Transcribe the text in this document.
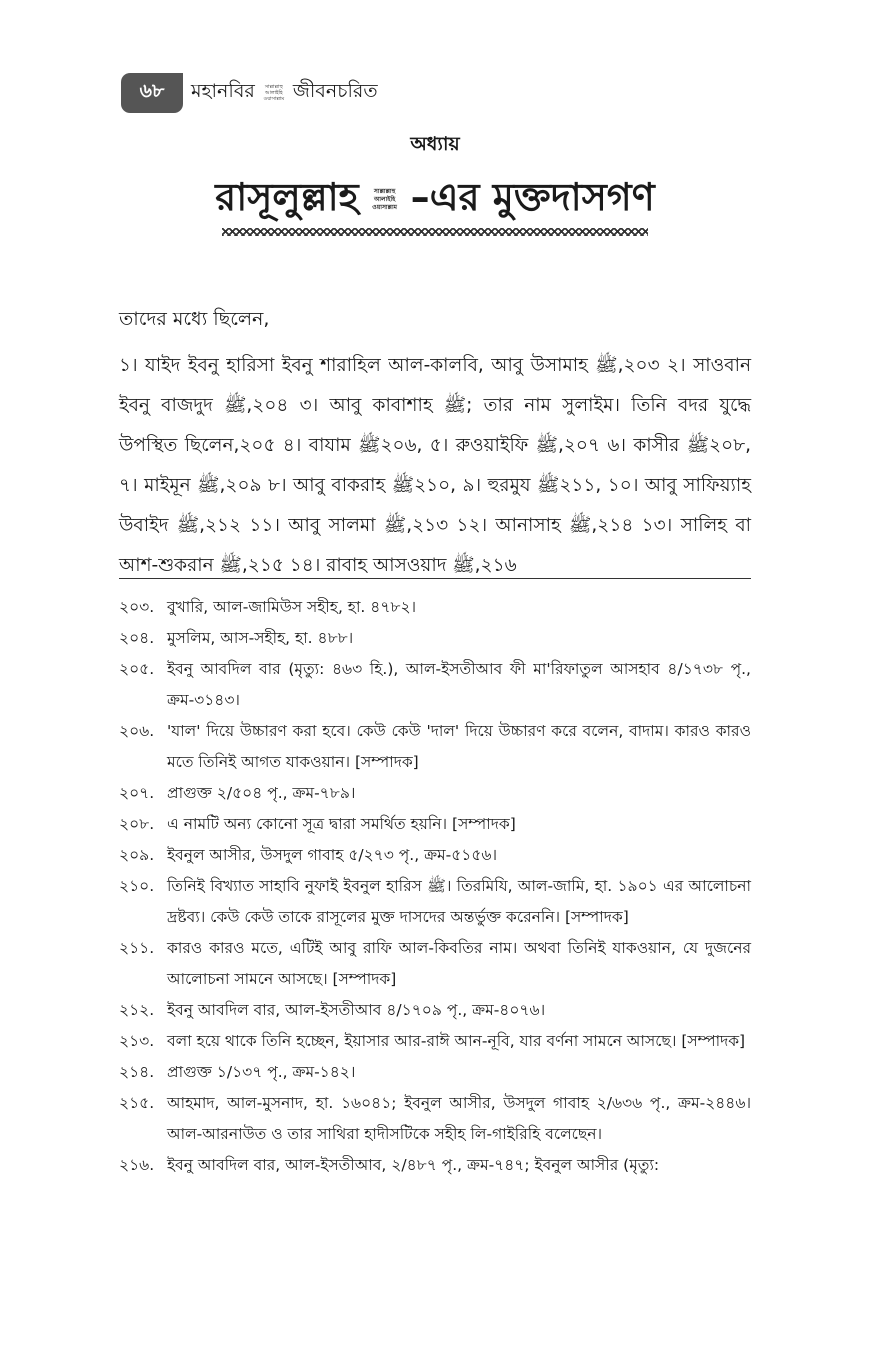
৬৮	মহানবির	সাল্লাল্লাহু আলাইহি ওয়াসাল্লাম জীবনচরিত
অধ্যায়
রাসূলুল্লাহ	সাল্লাল্লাহু আলাইহি ওয়াসাল্লাম –এর মুক্তদাসগণ
তাদের মধ্যে ছিলেন,
১। যাইদ ইবনু হারিসা ইবনু শারাহিল আল-কালবি, আবু উসামাহ ﷺ,২০৩ ২। সাওবান ইবনু বাজদুদ ﷺ,২০৪ ৩। আবু কাবাশাহ ﷺ; তার নাম সুলাইম। তিনি বদর যুদ্ধে উপস্থিত ছিলেন,২০৫ ৪। বাযাম ﷺ২০৬, ৫। রুওয়াইফি ﷺ,২০৭ ৬। কাসীর ﷺ২০৮, ৭। মাইমূন ﷺ,২০৯ ৮। আবু বাকরাহ ﷺ২১০, ৯। হুরমুয ﷺ২১১, ১০। আবু সাফিয়্যাহ উবাইদ ﷺ,২১২ ১১। আবু সালমা ﷺ,২১৩ ১২। আনাসাহ ﷺ,২১৪ ১৩। সালিহ বা আশ-শুকরান ﷺ,২১৫ ১৪। রাবাহ আসওয়াদ ﷺ,২১৬
২০৩. বুখারি, আল-জামিউস সহীহ, হা. ৪৭৮২।
২০৪. মুসলিম, আস-সহীহ, হা. ৪৮৮।
২০৫. ইবনু আবদিল বার (মৃত্যু: ৪৬৩ হি.), আল-ইসতীআব ফী মা'রিফাতুল আসহাব ৪/১৭৩৮ পৃ., ক্রম-৩১৪৩।
২০৬. 'যাল' দিয়ে উচ্চারণ করা হবে। কেউ কেউ 'দাল' দিয়ে উচ্চারণ করে বলেন, বাদাম। কারও কারও মতে তিনিই আগত যাকওয়ান। [সম্পাদক]
২০৭. প্রাগুক্ত ২/৫০৪ পৃ., ক্রম-৭৮৯।
২০৮. এ নামটি অন্য কোনো সূত্র দ্বারা সমর্থিত হয়নি। [সম্পাদক]
২০৯. ইবনুল আসীর, উসদুল গাবাহ ৫/২৭৩ পৃ., ক্রম-৫১৫৬।
২১০. তিনিই বিখ্যাত সাহাবি নুফাই ইবনুল হারিস ﷺ। তিরমিযি, আল-জামি, হা. ১৯০১ এর আলোচনা দ্রষ্টব্য। কেউ কেউ তাকে রাসূলের মুক্ত দাসদের অন্তর্ভুক্ত করেননি। [সম্পাদক]
২১১. কারও কারও মতে, এটিই আবু রাফি আল-কিবতির নাম। অথবা তিনিই যাকওয়ান, যে দুজনের আলোচনা সামনে আসছে। [সম্পাদক]
২১২. ইবনু আবদিল বার, আল-ইসতীআব ৪/১৭০৯ পৃ., ক্রম-৪০৭৬।
২১৩. বলা হয়ে থাকে তিনি হচ্ছেন, ইয়াসার আর-রাঈ আন-নূবি, যার বর্ণনা সামনে আসছে। [সম্পাদক]
২১৪. প্রাগুক্ত ১/১৩৭ পৃ., ক্রম-১৪২।
২১৫. আহমাদ, আল-মুসনাদ, হা. ১৬০৪১; ইবনুল আসীর, উসদুল গাবাহ ২/৬৩৬ পৃ., ক্রম-২৪৪৬। আল-আরনাউত ও তার সাথিরা হাদীসটিকে সহীহ লি-গাইরিহি বলেছেন।
২১৬. ইবনু আবদিল বার, আল-ইসতীআব, ২/৪৮৭ পৃ., ক্রম-৭৪৭; ইবনুল আসীর (মৃত্যু:
